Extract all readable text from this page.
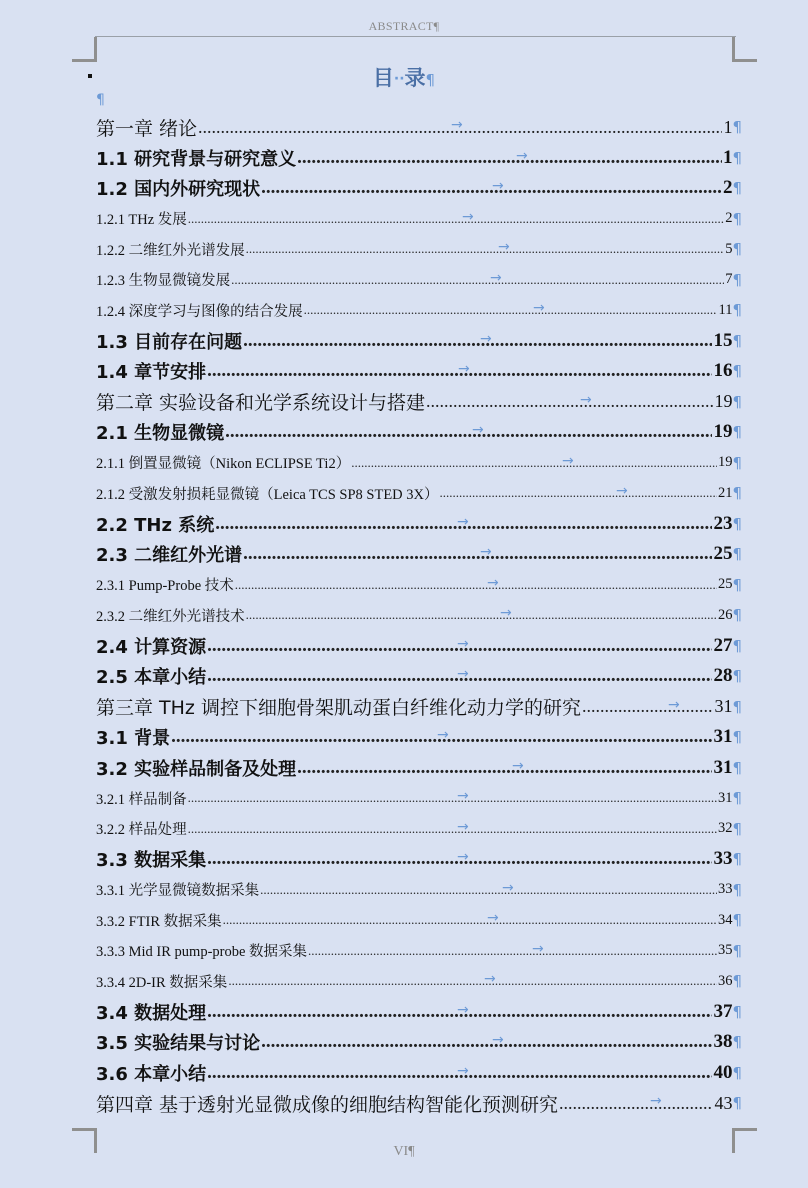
ABSTRACT¶
目··录¶
¶
第一章 绪论 .....	1 ¶
→
1.1 研究背景与研究意义 .....	1 ¶
→
1.2 国内外研究现状 .....	2 ¶
→
1.2.1 THz 发展 .....	2 ¶
→
1.2.2 二维红外光谱发展 .....	5 ¶
→
1.2.3 生物显微镜发展 .....	7 ¶
→
1.2.4 深度学习与图像的结合发展 .....	11 ¶
→
1.3 目前存在问题 .....	15 ¶
→
1.4 章节安排 .....	16 ¶
→
第二章 实验设备和光学系统设计与搭建 .....	19 ¶
→
2.1 生物显微镜 .....	19 ¶
→
2.1.1 倒置显微镜（Nikon ECLIPSE Ti2） .....	19 ¶
→
2.1.2 受激发射损耗显微镜（Leica TCS SP8 STED 3X） .....	21 ¶
→
2.2 THz 系统 .....	23 ¶
→
2.3 二维红外光谱 .....	25 ¶
→
2.3.1 Pump-Probe 技术 .....	25 ¶
→
2.3.2 二维红外光谱技术 .....	26 ¶
→
2.4 计算资源 .....	27 ¶
→
2.5 本章小结 .....	28 ¶
→
第三章 THz 调控下细胞骨架肌动蛋白纤维化动力学的研究 .....	31 ¶
→
3.1 背景 .....	31 ¶
→
3.2 实验样品制备及处理 .....	31 ¶
→
3.2.1 样品制备 .....	31 ¶
→
3.2.2 样品处理 .....	32 ¶
→
3.3 数据采集 .....	33 ¶
→
3.3.1 光学显微镜数据采集 .....	33 ¶
→
3.3.2 FTIR 数据采集 .....	34 ¶
→
3.3.3 Mid IR pump-probe 数据采集 .....	35 ¶
→
3.3.4 2D-IR 数据采集 .....	36 ¶
→
3.4 数据处理 .....	37 ¶
→
3.5 实验结果与讨论 .....	38 ¶
→
3.6 本章小结 .....	40 ¶
→
第四章 基于透射光显微成像的细胞结构智能化预测研究 .....	43 ¶
→
VI¶
